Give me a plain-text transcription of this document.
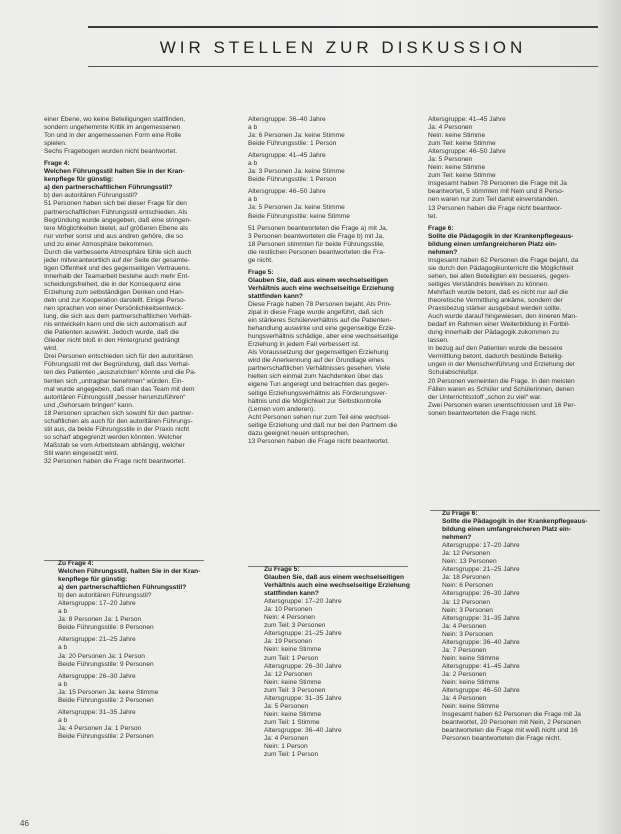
WIR STELLEN ZUR DISKUSSION

einer Ebene, wo keine Beteiligungen stattfinden,

sondern ungehemmte Kritik im angemessenen

Ton und in der angemessenen Form eine Rolle

spielen.

Sechs Fragebogen wurden nicht beantwortet.

Frage 4:

Welchen Führungsstil halten Sie in der Kran-

kenpflege für günstig:

a) den partnerschaftlichen Führungsstil?

b) den autoritären Führungsstil?

51 Personen haben sich bei dieser Frage für den

partnerschaftlichen Führungsstil entschieden. Als

Begründung wurde angegeben, daß eine stringen-

tere Möglichkeiten bietet, auf größeren Ebene als

nur vorher sonst und aus andren gehöre, die so

und zu einer Atmosphäre bekommen.

Durch die verbesserte Atmosphäre fühle sich auch

jeder mitverantwortlich auf der Seite der gesamte-

tigen Offenheit und des gegenseitigen Vertrauens.

Innerhalb der Teamarbeit bestehe auch mehr Ent-

scheidungsfreiheit, die in der Konsequenz eine

Erziehung zum selbständigen Denken und Han-

deln und zur Kooperation darstellt. Einige Perso-

nen sprachen von einer Persönlichkeitsentwick-

lung, die sich aus dem partnerschaftlichen Verhält-

nis entwickeln kann und die sich automatisch auf

die Patienten auswirkt. Jedoch wurde, daß die

Glieder nicht bloß in den Hintergrund gedrängt

wird.

Drei Personen entschieden sich für den autoritären

Führungsstil mit der Begründung, daß das Verhal-

ten des Patienten „auszurichten“ könnte und die Pa-

tienten sich „untragbar benehmen“ würden. Ein-

mal wurde angegeben, daß man das Team mit dem

autoritären Führungsstil „besser herumzuführen“

und „Gehorsam bringen“ kann.

18 Personen sprachen sich sowohl für den partner-

schaftlichen als auch für den autoritären Führungs-

stil aus, da beide Führungsstile in der Praxis nicht

so scharf abgegrenzt werden könnten. Welcher

Maßstab se vom Arbeitsteam abhängig, welcher

Stil wann eingesetzt wird.

32 Personen haben die Frage nicht beantwortet.

Zu Frage 4:

Welchen Führungsstil, halten Sie in der Kran-

kenpflege für günstig:

a) den partnerschaftlichen Führungsstil?

b) den autoritären Führungsstil?

Altersgruppe: 17–20 Jahre

a b

Ja: 8 Personen Ja: 1 Person

Beide Führungsstile: 8 Personen

Altersgruppe: 21–25 Jahre

a b

Ja: 20 Personen Ja: 1 Person

Beide Führungsstile: 9 Personen

Altersgruppe: 26–30 Jahre

a b

Ja: 15 Personen Ja: keine Stimme

Beide Führungsstile: 2 Personen

Altersgruppe: 31–35 Jahre

a b

Ja: 4 Personen Ja: 1 Person

Beide Führungsstile: 2 Personen

Altersgruppe: 36–40 Jahre

a b

Ja: 6 Personen Ja: keine Stimme

Beide Führungsstile: 1 Person

Altersgruppe: 41–45 Jahre

a b

Ja: 3 Personen Ja: keine Stimme

Beide Führungsstile: 1 Person

Altersgruppe: 46–50 Jahre

a b

Ja: 5 Personen Ja: keine Stimme

Beide Führungsstile: keine Stimme

51 Personen beantworteten die Frage a) mit Ja,

3 Personen beantworteten die Frage b) mit Ja,

18 Personen stimmten für beide Führungsstile,

die restlichen Personen beantworteten die Fra-

ge nicht.

Frage 5:

Glauben Sie, daß aus einem wechselseitigen

Verhältnis auch eine wechselseitige Erziehung

stattfinden kann?

Diese Frage haben 78 Personen bejaht. Als Prin-

zipal in diese Frage wurde angeführt, daß sich

ein stärkeres Schülerverhältnis auf die Patienten-

behandlung auswirke und eine gegenseitige Erzie-

hungsverhältnis schädige, aber eine wechselseitige

Erziehung in jedem Fall verbessert ist.

Als Voraussetzung der gegenseitigen Erziehung

wird die Anerkennung auf der Grundlage eines

partnerschaftlichen Verhältnisses gesehen. Viele

hielten sich einmal zum Nachdenken über das

eigene Tun angeregt und betrachten das gegen-

seitige Erziehungsverhältnis als Förderungsver-

hältnis und die Möglichkeit zur Selbstkontrolle

(Lernen vom anderen).

Acht Personen sehen nur zum Teil eine wechsel-

seitige Erziehung und daß nur bei den Partnern die

dazu geeignet neuen entsprechen.

13 Personen haben die Frage nicht beantwortet.

Zu Frage 5:

Glauben Sie, daß aus einem wechselseitigen

Verhältnis auch eine wechselseitige Erziehung

stattfinden kann?

Altersgruppe: 17–20 Jahre

Ja: 10 Personen

Nein: 4 Personen

zum Teil: 3 Personen

Altersgruppe: 21–25 Jahre

Ja: 19 Personen

Nein: keine Stimme

zum Teil: 1 Person

Altersgruppe: 26–30 Jahre

Ja: 12 Personen

Nein: keine Stimme

zum Teil: 3 Personen

Altersgruppe: 31–35 Jahre

Ja: 5 Personen

Nein: keine Stimme

zum Teil: 1 Stimme

Altersgruppe: 36–40 Jahre

Ja: 4 Personen

Nein: 1 Person

zum Teil: 1 Person

Altersgruppe: 41–45 Jahre

Ja: 4 Personen

Nein: keine Stimme

zum Teil: keine Stimme

Altersgruppe: 46–50 Jahre

Ja: 5 Personen

Nein: keine Stimme

zum Teil: keine Stimme

Insgesamt haben 78 Personen die Frage mit Ja

beantwortet, 5 stimmten mit Nein und 8 Perso-

nen waren nur zum Teil damit einverstanden.

13 Personen haben die Frage nicht beantwor-

tet.

Frage 6:

Sollte die Pädagogik in der Krankenpflegeaus-

bildung einen umfangreicheren Platz ein-

nehmen?

Insgesamt haben 62 Personen die Frage bejaht, da

sie durch den Pädagogikunterricht die Möglichkeit

sehen, bei allen Beteiligten ein besseres, gegen-

seitiges Verständnis bewirken zu können.

Mehrfach wurde betont, daß es nicht nur auf die

theoretische Vermittlung ankäme, sondern der

Praxisbezug stärker ausgebaut werden sollte.

Auch wurde darauf hingewiesen, den inneren Man-

bedarf im Rahmen einer Weiterbildung in Fortbil-

dung innerhalb der Pädagogik zukommen zu

lassen.

In bezug auf den Patienten wurde die bessere

Vermittlung betont, dadurch bestünde Beteilig-

ungen in der Menschenführung und Erziehung der

Schulabschlußpr.

20 Personen verneinten die Frage. In den meisten

Fällen waren es Schüler und Schülerinnen, denen

der Unterrichtsstoff „schon zu viel“ war.

Zwei Personen waren unentschlossen und 16 Per-

sonen beantworteten die Frage nicht.

Zu Frage 6:

Sollte die Pädagogik in der Krankenpflegeaus-

bildung einen umfangreicheren Platz ein-

nehmen?

Altersgruppe: 17–20 Jahre

Ja: 12 Personen

Nein: 13 Personen

Altersgruppe: 21–25 Jahre

Ja: 18 Personen

Nein: 6 Personen

Altersgruppe: 26–30 Jahre

Ja: 12 Personen

Nein: 3 Personen

Altersgruppe: 31–35 Jahre

Ja: 4 Personen

Nein: 3 Personen

Altersgruppe: 36–40 Jahre

Ja: 7 Personen

Nein: keine Stimme

Altersgruppe: 41–45 Jahre

Ja: 2 Personen

Nein: keine Stimme

Altersgruppe: 46–50 Jahre

Ja: 4 Personen

Nein: keine Stimme

Insgesamt haben 62 Personen die Frage mit Ja

beantwortet, 20 Personen mit Nein, 2 Personen

beantworteten die Frage mit weiß nicht und 16

Personen beantworteten die Frage nicht.

46
